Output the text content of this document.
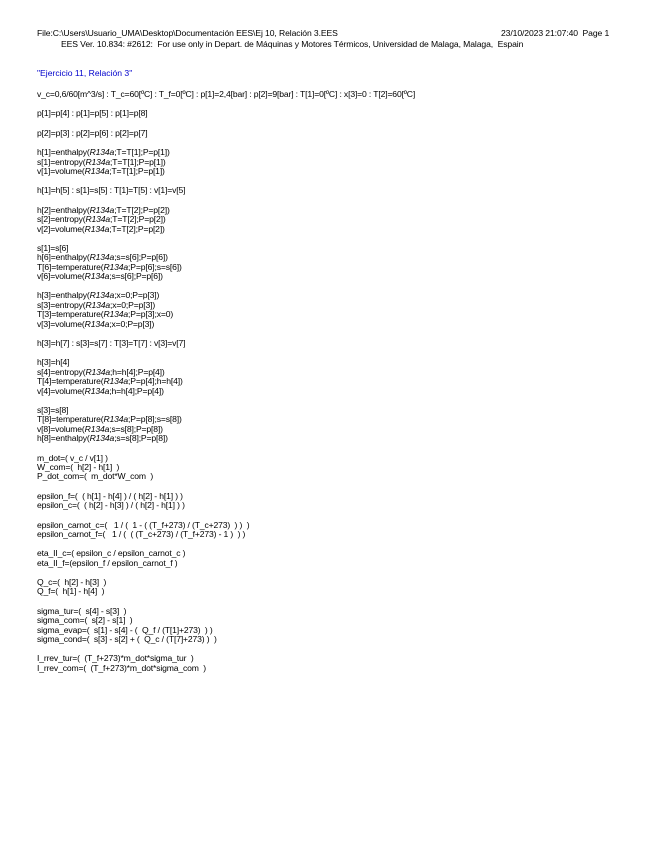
File:C:\Users\Usuario_UMA\Desktop\Documentación EES\Ej 10, Relación 3.EES	23/10/2023 21:07:40  Page 1
EES Ver. 10.834: #2612:  For use only in Depart. de Máquinas y Motores Térmicos, Universidad de Malaga, Malaga,  Espain
"Ejercicio 11, Relación 3"
v_c=0,6/60[m^3/s] : T_c=60[ºC] : T_f=0[ºC] : p[1]=2,4[bar] : p[2]=9[bar] : T[1]=0[ºC] : x[3]=0 : T[2]=60[ºC]
p[1]=p[4] : p[1]=p[5] : p[1]=p[8]
p[2]=p[3] : p[2]=p[6] : p[2]=p[7]
h[1]=enthalpy(R134a;T=T[1];P=p[1])
s[1]=entropy(R134a;T=T[1];P=p[1])
v[1]=volume(R134a;T=T[1];P=p[1])
h[1]=h[5] : s[1]=s[5] : T[1]=T[5] : v[1]=v[5]
h[2]=enthalpy(R134a;T=T[2];P=p[2])
s[2]=entropy(R134a;T=T[2];P=p[2])
v[2]=volume(R134a;T=T[2];P=p[2])
s[1]=s[6]
h[6]=enthalpy(R134a;s=s[6];P=p[6])
T[6]=temperature(R134a;P=p[6];s=s[6])
v[6]=volume(R134a;s=s[6];P=p[6])
h[3]=enthalpy(R134a;x=0;P=p[3])
s[3]=entropy(R134a;x=0;P=p[3])
T[3]=temperature(R134a;P=p[3];x=0)
v[3]=volume(R134a;x=0;P=p[3])
h[3]=h[7] : s[3]=s[7] : T[3]=T[7] : v[3]=v[7]
h[3]=h[4]
s[4]=entropy(R134a;h=h[4];P=p[4])
T[4]=temperature(R134a;P=p[4];h=h[4])
v[4]=volume(R134a;h=h[4];P=p[4])
s[3]=s[8]
T[8]=temperature(R134a;P=p[8];s=s[8])
v[8]=volume(R134a;s=s[8];P=p[8])
h[8]=enthalpy(R134a;s=s[8];P=p[8])
m_dot=( v_c / v[1] )
W_com=(  h[2] - h[1]  )
P_dot_com=(  m_dot*W_com  )
epsilon_f=(  ( h[1] - h[4] ) / ( h[2] - h[1] ) )
epsilon_c=(  ( h[2] - h[3] ) / ( h[2] - h[1] ) )
epsilon_carnot_c=(   1 / (  1 - ( (T_f+273) / (T_c+273)  ) )  )
epsilon_carnot_f=(   1 / (  ( (T_c+273) / (T_f+273) - 1 )  ) )
eta_II_c=( epsilon_c / epsilon_carnot_c )
eta_II_f=(epsilon_f / epsilon_carnot_f )
Q_c=(  h[2] - h[3]  )
Q_f=(  h[1] - h[4]  )
sigma_tur=(  s[4] - s[3]  )
sigma_com=(  s[2] - s[1]  )
sigma_evap=(  s[1] - s[4] - (  Q_f / (T[1]+273)  ) )
sigma_cond=(  s[3] - s[2] + (  Q_c / (T[7]+273) )  )
I_rrev_tur=(  (T_f+273)*m_dot*sigma_tur  )
I_rrev_com=(  (T_f+273)*m_dot*sigma_com  )
